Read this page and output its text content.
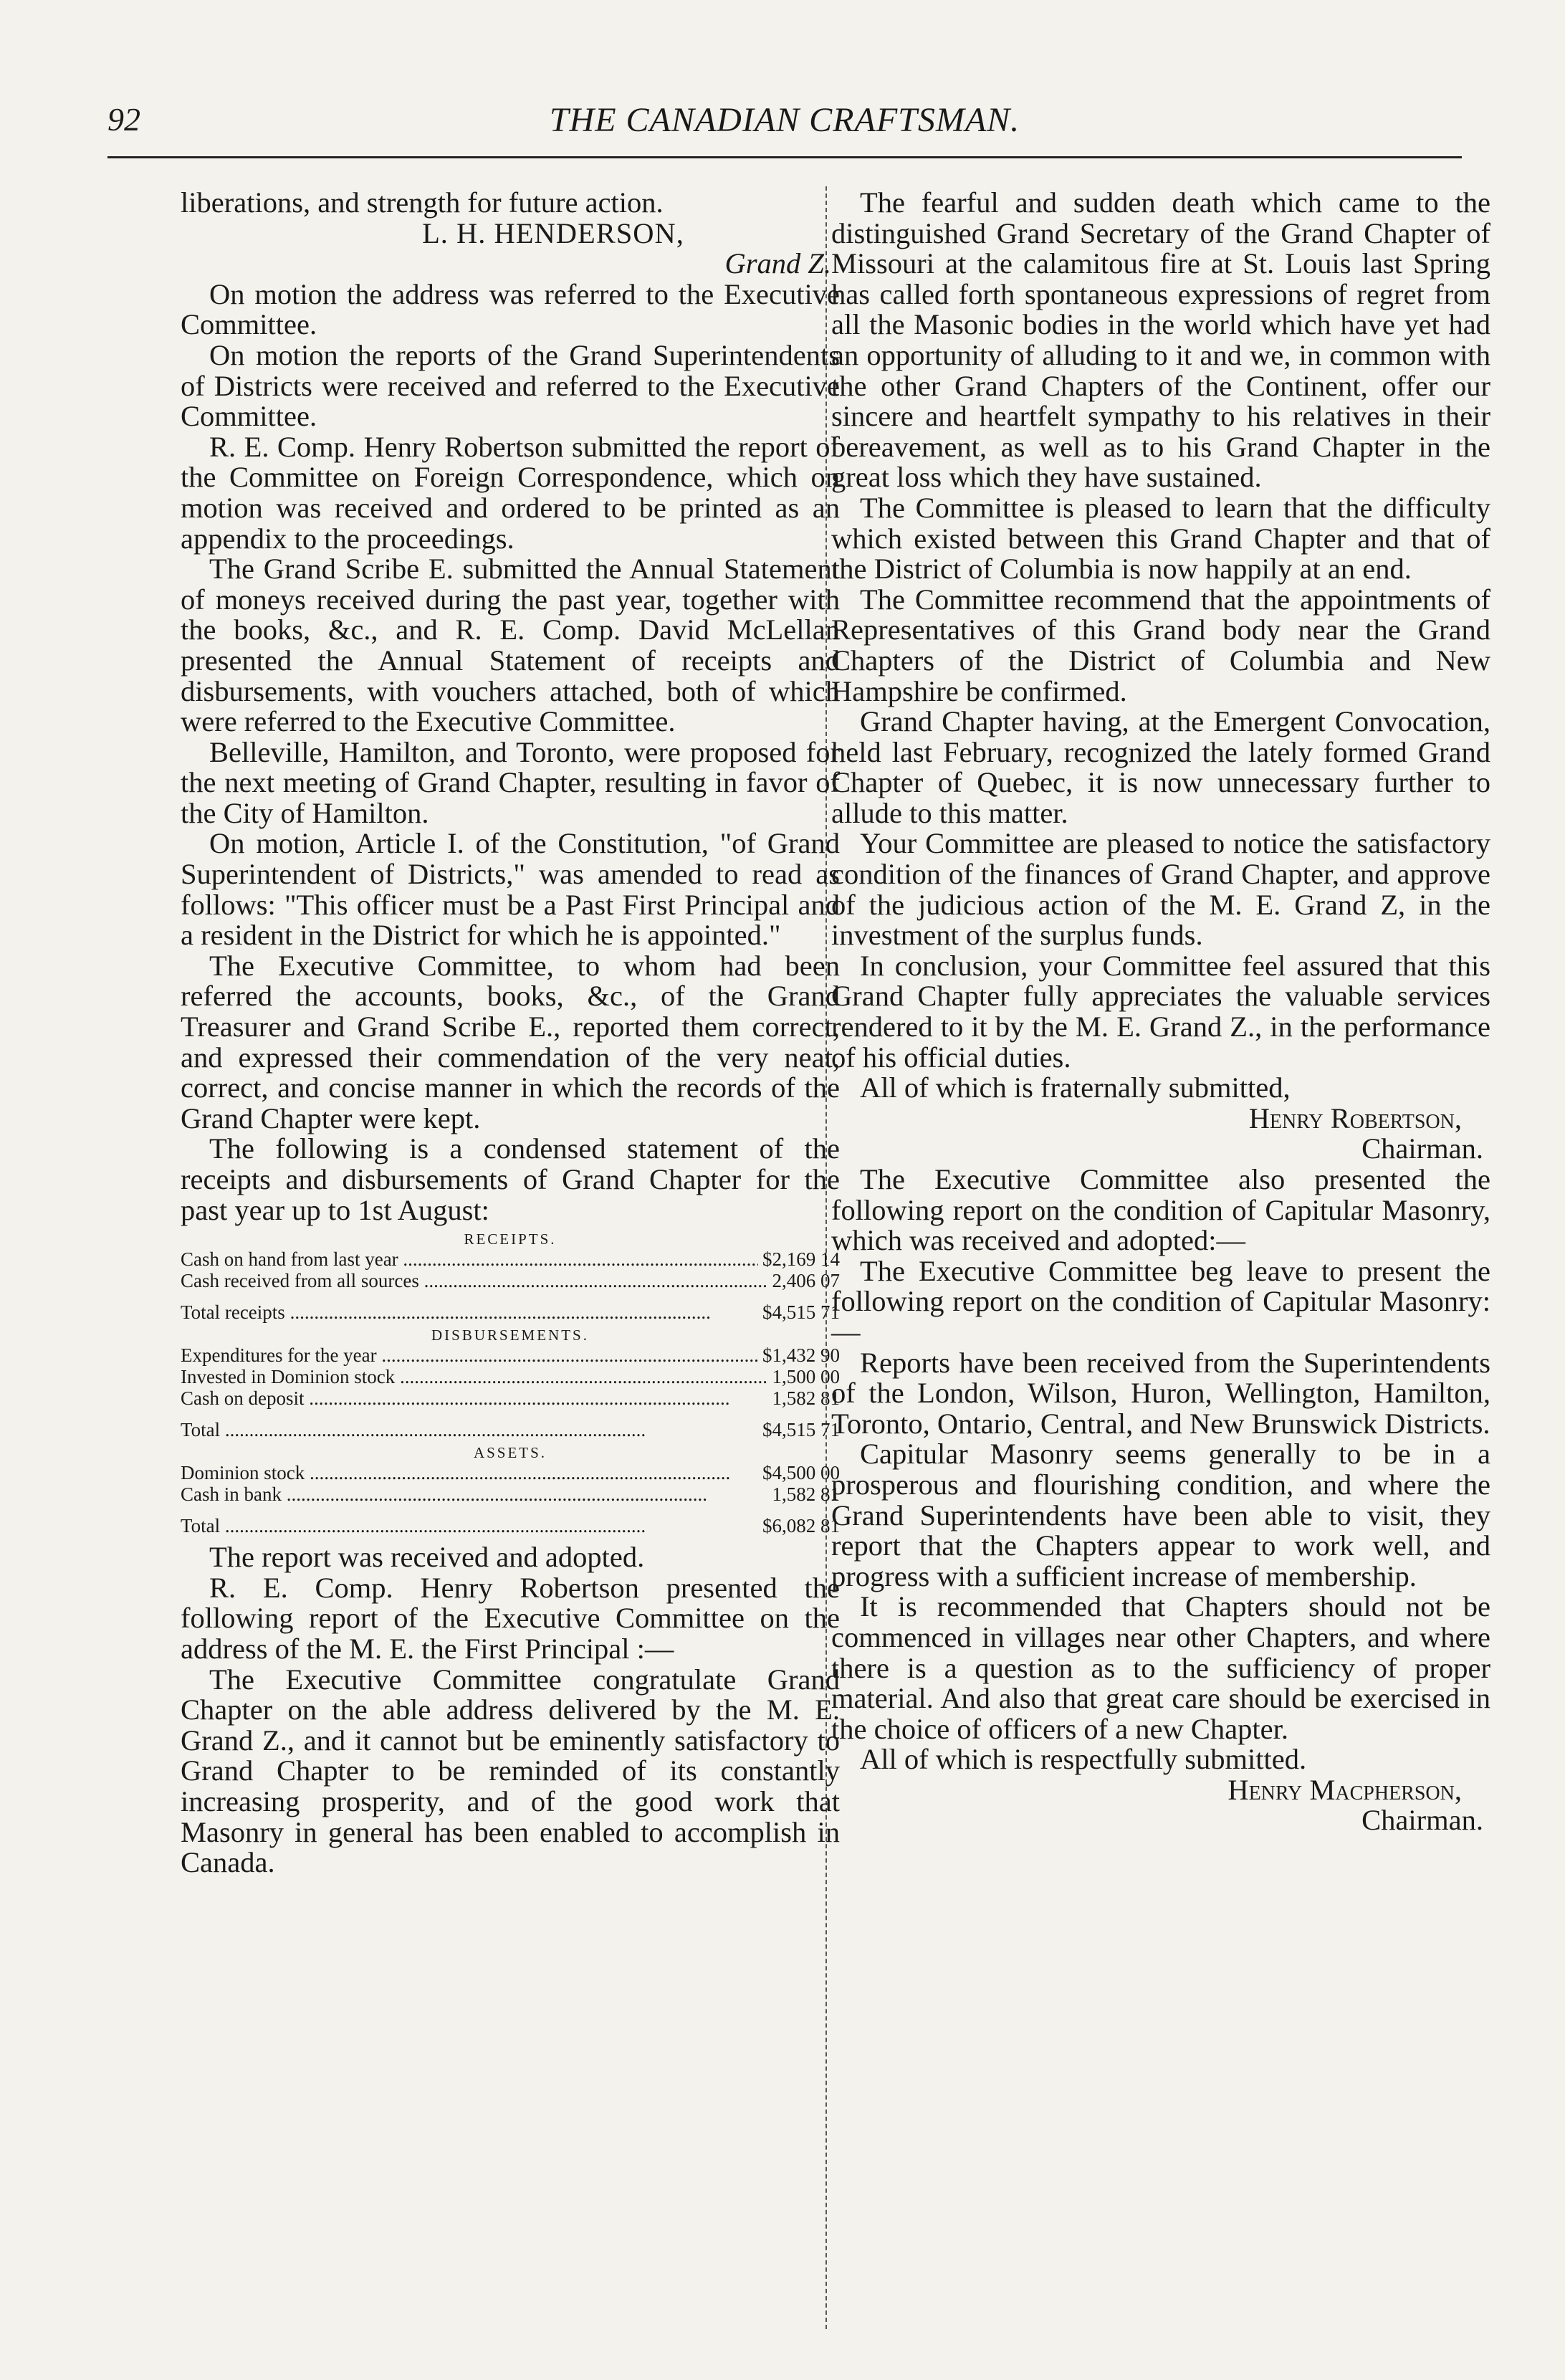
92	THE CANADIAN CRAFTSMAN.

liberations, and strength for future action.

L. H. HENDERSON,
Grand Z.

On motion the address was referred to the Executive Committee.

On motion the reports of the Grand Superintendents of Districts were received and referred to the Executive Committee.

R. E. Comp. Henry Robertson submitted the report of the Committee on Foreign Correspondence, which on motion was received and ordered to be printed as an appendix to the proceedings.

The Grand Scribe E. submitted the Annual Statement of moneys received during the past year, together with the books, &c., and R. E. Comp. David McLellan presented the Annual Statement of receipts and disbursements, with vouchers attached, both of which were referred to the Executive Committee.

Belleville, Hamilton, and Toronto, were proposed for the next meeting of Grand Chapter, resulting in favor of the City of Hamilton.

On motion, Article I. of the Constitution, "of Grand Superintendent of Districts," was amended to read as follows: "This officer must be a Past First Principal and a resident in the District for which he is appointed."

The Executive Committee, to whom had been referred the accounts, books, &c., of the Grand Treasurer and Grand Scribe E., reported them correct, and expressed their commendation of the very neat, correct, and concise manner in which the records of the Grand Chapter were kept.

The following is a condensed statement of the receipts and disbursements of Grand Chapter for the past year up to 1st August:

RECEIPTS.
Cash on hand from last year .....	$2,169 14
Cash received from all sources .....	2,406 07
Total receipts .....	$4,515 71
DISBURSEMENTS.
Expenditures for the year .....	$1,432 90
Invested in Dominion stock .....	1,500 00
Cash on deposit .....	1,582 81
Total .....	$4,515 71
ASSETS.
Dominion stock .....	$4,500 00
Cash in bank .....	1,582 81
Total .....	$6,082 81

The report was received and adopted.

R. E. Comp. Henry Robertson presented the following report of the Executive Committee on the address of the M. E. the First Principal :—

The Executive Committee congratulate Grand Chapter on the able address delivered by the M. E. Grand Z., and it cannot but be eminently satisfactory to Grand Chapter to be reminded of its constantly increasing prosperity, and of the good work that Masonry in general has been enabled to accomplish in Canada.

The fearful and sudden death which came to the distinguished Grand Secretary of the Grand Chapter of Missouri at the calamitous fire at St. Louis last Spring has called forth spontaneous expressions of regret from all the Masonic bodies in the world which have yet had an opportunity of alluding to it and we, in common with the other Grand Chapters of the Continent, offer our sincere and heartfelt sympathy to his relatives in their bereavement, as well as to his Grand Chapter in the great loss which they have sustained.

The Committee is pleased to learn that the difficulty which existed between this Grand Chapter and that of the District of Columbia is now happily at an end.

The Committee recommend that the appointments of Representatives of this Grand body near the Grand Chapters of the District of Columbia and New Hampshire be confirmed.

Grand Chapter having, at the Emergent Convocation, held last February, recognized the lately formed Grand Chapter of Quebec, it is now unnecessary further to allude to this matter.

Your Committee are pleased to notice the satisfactory condition of the finances of Grand Chapter, and approve of the judicious action of the M. E. Grand Z, in the investment of the surplus funds.

In conclusion, your Committee feel assured that this Grand Chapter fully appreciates the valuable services rendered to it by the M. E. Grand Z., in the performance of his official duties.

All of which is fraternally submitted,

Henry Robertson,
Chairman.

The Executive Committee also presented the following report on the condition of Capitular Masonry, which was received and adopted:—

The Executive Committee beg leave to present the following report on the condition of Capitular Masonry:—

Reports have been received from the Superintendents of the London, Wilson, Huron, Wellington, Hamilton, Toronto, Ontario, Central, and New Brunswick Districts.

Capitular Masonry seems generally to be in a prosperous and flourishing condition, and where the Grand Superintendents have been able to visit, they report that the Chapters appear to work well, and progress with a sufficient increase of membership.

It is recommended that Chapters should not be commenced in villages near other Chapters, and where there is a question as to the sufficiency of proper material. And also that great care should be exercised in the choice of officers of a new Chapter.

All of which is respectfully submitted.

Henry Macpherson,
Chairman.
